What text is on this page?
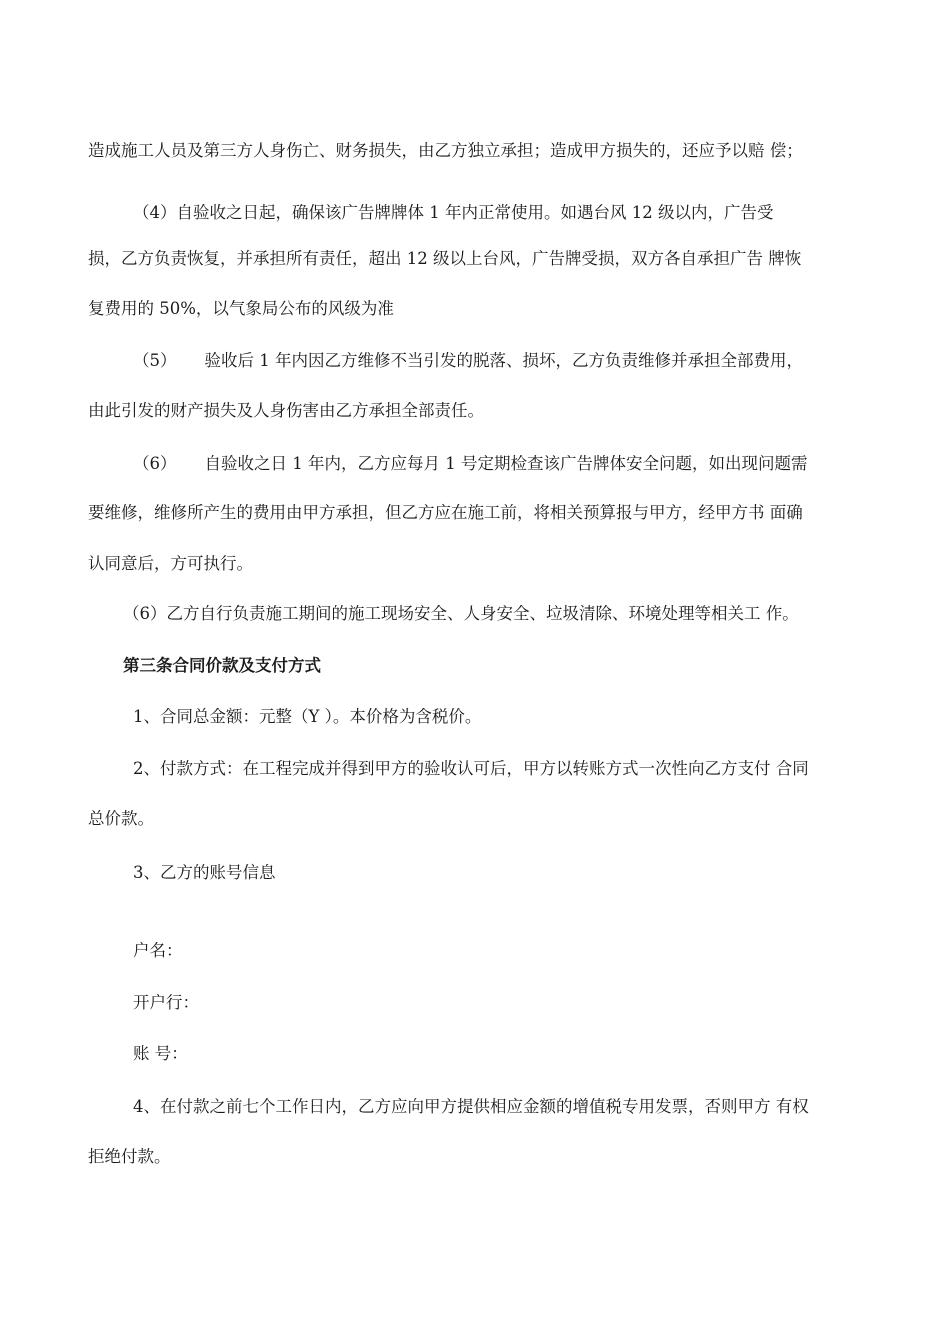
造成施工人员及第三方人身伤亡、财务损失，由乙方独立承担；造成甲方损失的，还应予以赔 偿；
（4）自验收之日起，确保该广告牌牌体 1 年内正常使用。如遇台风 12 级以内，广告受
损，乙方负责恢复，并承担所有责任，超出 12 级以上台风，广告牌受损，双方各自承担广告 牌恢
复费用的 50%，以气象局公布的风级为准
（5） 验收后 1 年内因乙方维修不当引发的脱落、损坏，乙方负责维修并承担全部费用，
由此引发的财产损失及人身伤害由乙方承担全部责任。
（6） 自验收之日 1 年内，乙方应每月 1 号定期检查该广告牌体安全问题，如出现问题需
要维修，维修所产生的费用由甲方承担，但乙方应在施工前，将相关预算报与甲方，经甲方书 面确
认同意后，方可执行。
（6）乙方自行负责施工期间的施工现场安全、人身安全、垃圾清除、环境处理等相关工 作。
第三条合同价款及支付方式
1、合同总金额：元整（Y ）。本价格为含税价。
2、付款方式：在工程完成并得到甲方的验收认可后，甲方以转账方式一次性向乙方支付 合同
总价款。
3、乙方的账号信息
户名：
开户行：
账 号：
4、在付款之前七个工作日内，乙方应向甲方提供相应金额的增值税专用发票，否则甲方 有权
拒绝付款。
